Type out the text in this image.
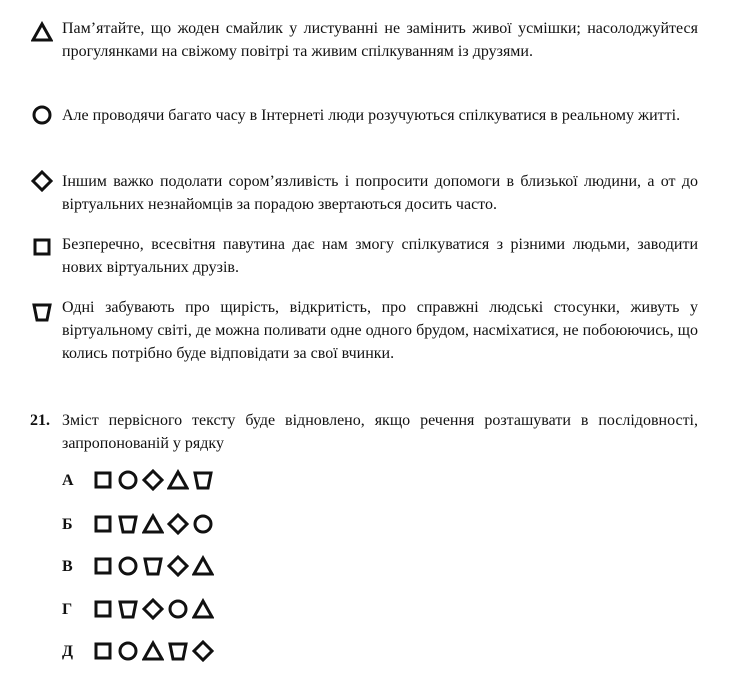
Пам’ятайте, що жоден смайлик у листуванні не замінить живої усмішки; насолоджуйтеся прогулянками на свіжому повітрі та живим спілкуванням із друзями.
Але проводячи багато часу в Інтернеті люди розучуються спілкуватися в реальному житті.
Іншим важко подолати сором’язливість і попросити допомоги в близької людини, а от до віртуальних незнайомців за порадою звертаються досить часто.
Безперечно, всесвітня павутина дає нам змогу спілкуватися з різними людьми, заводити нових віртуальних друзів.
Одні забувають про щирість, відкритість, про справжні людські стосунки, живуть у віртуальному світі, де можна поливати одне одного брудом, насміхатися, не побоюючись, що колись потрібно буде відповідати за свої вчинки.
21. Зміст первісного тексту буде відновлено, якщо речення розташувати в послідовності, запропонованій у рядку
А
Б
В
Г
Д
